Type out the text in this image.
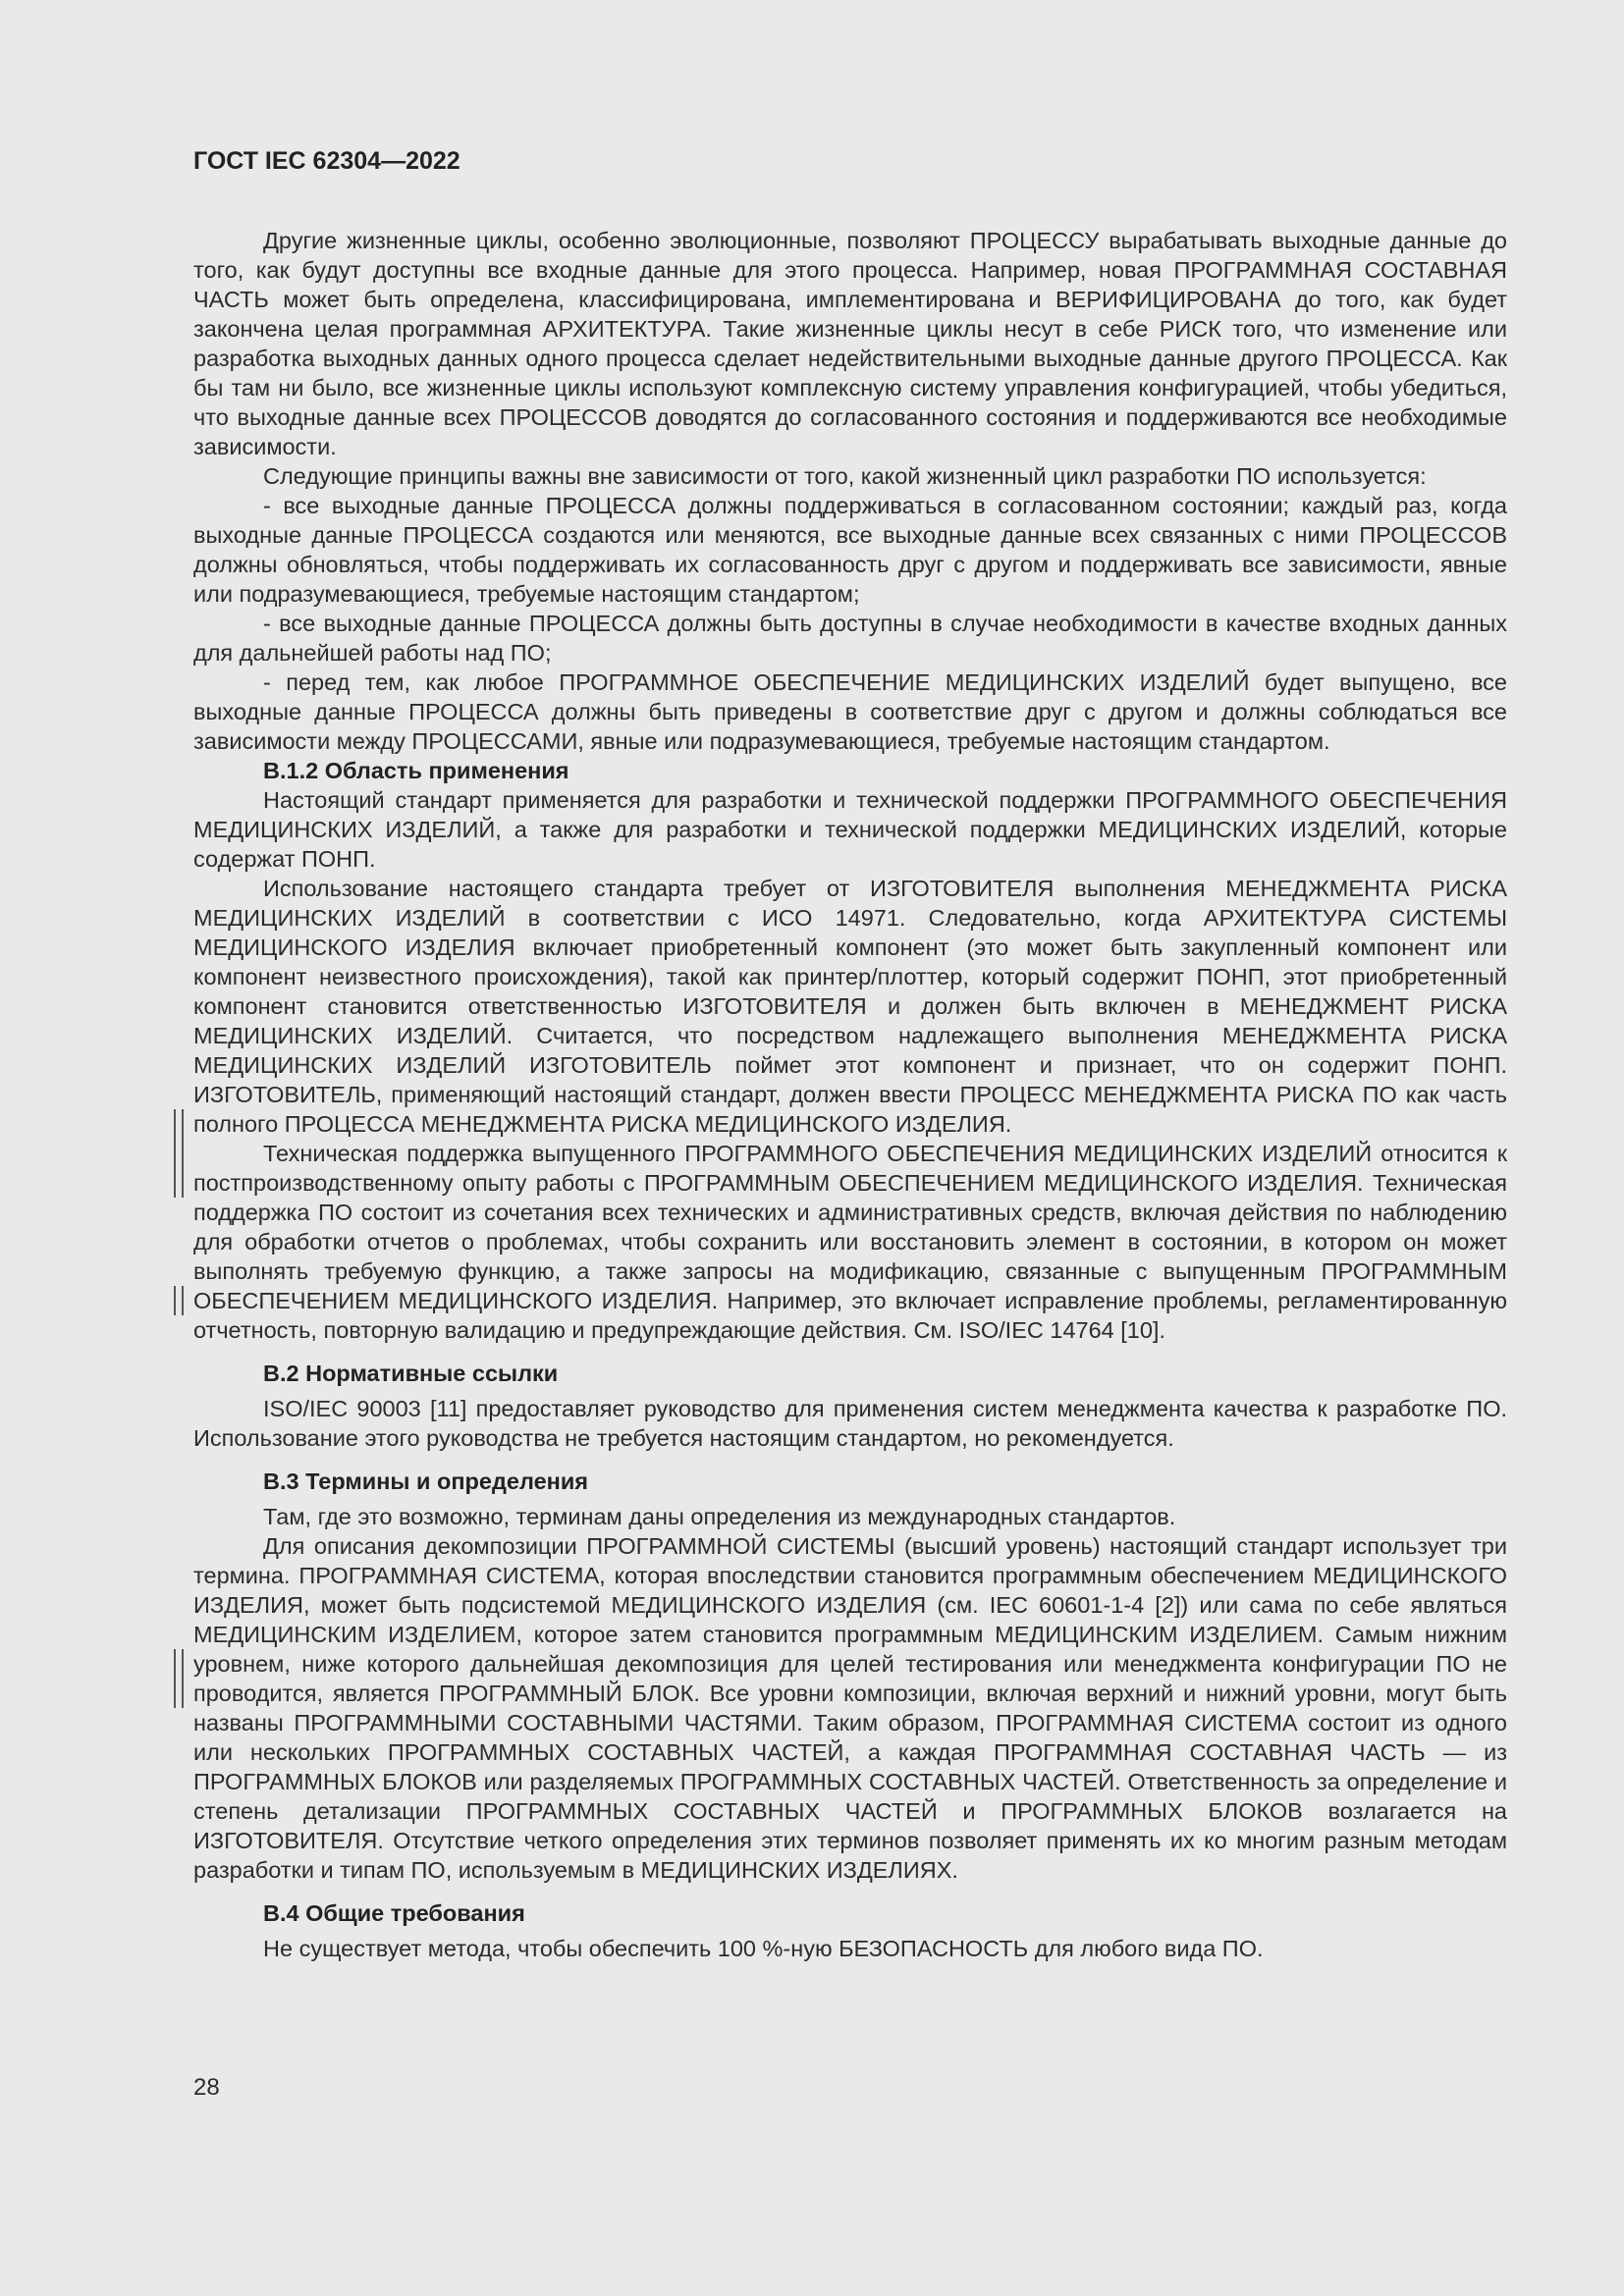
ГОСТ IEC 62304—2022

Другие жизненные циклы, особенно эволюционные, позволяют ПРОЦЕССУ вырабатывать выходные данные до того, как будут доступны все входные данные для этого процесса. Например, новая ПРОГРАММНАЯ СОСТАВНАЯ ЧАСТЬ может быть определена, классифицирована, имплементирована и ВЕРИФИЦИРОВАНА до того, как будет закончена целая программная АРХИТЕКТУРА. Такие жизненные циклы несут в себе РИСК того, что изменение или разработка выходных данных одного процесса сделает недействительными выходные данные другого ПРОЦЕССА. Как бы там ни было, все жизненные циклы используют комплексную систему управления конфигурацией, чтобы убедиться, что выходные данные всех ПРОЦЕССОВ доводятся до согласованного состояния и поддерживаются все необходимые зависимости.

Следующие принципы важны вне зависимости от того, какой жизненный цикл разработки ПО используется:

- все выходные данные ПРОЦЕССА должны поддерживаться в согласованном состоянии; каждый раз, когда выходные данные ПРОЦЕССА создаются или меняются, все выходные данные всех связанных с ними ПРОЦЕССОВ должны обновляться, чтобы поддерживать их согласованность друг с другом и поддерживать все зависимости, явные или подразумевающиеся, требуемые настоящим стандартом;

- все выходные данные ПРОЦЕССА должны быть доступны в случае необходимости в качестве входных данных для дальнейшей работы над ПО;

- перед тем, как любое ПРОГРАММНОЕ ОБЕСПЕЧЕНИЕ МЕДИЦИНСКИХ ИЗДЕЛИЙ будет выпущено, все выходные данные ПРОЦЕССА должны быть приведены в соответствие друг с другом и должны соблюдаться все зависимости между ПРОЦЕССАМИ, явные или подразумевающиеся, требуемые настоящим стандартом.

В.1.2 Область применения

Настоящий стандарт применяется для разработки и технической поддержки ПРОГРАММНОГО ОБЕСПЕЧЕНИЯ МЕДИЦИНСКИХ ИЗДЕЛИЙ, а также для разработки и технической поддержки МЕДИЦИНСКИХ ИЗДЕЛИЙ, которые содержат ПОНП.

Использование настоящего стандарта требует от ИЗГОТОВИТЕЛЯ выполнения МЕНЕДЖМЕНТА РИСКА МЕДИЦИНСКИХ ИЗДЕЛИЙ в соответствии с ИСО 14971. Следовательно, когда АРХИТЕКТУРА СИСТЕМЫ МЕДИЦИНСКОГО ИЗДЕЛИЯ включает приобретенный компонент (это может быть закупленный компонент или компонент неизвестного происхождения), такой как принтер/плоттер, который содержит ПОНП, этот приобретенный компонент становится ответственностью ИЗГОТОВИТЕЛЯ и должен быть включен в МЕНЕДЖМЕНТ РИСКА МЕДИЦИНСКИХ ИЗДЕЛИЙ. Считается, что посредством надлежащего выполнения МЕНЕДЖМЕНТА РИСКА МЕДИЦИНСКИХ ИЗДЕЛИЙ ИЗГОТОВИТЕЛЬ поймет этот компонент и признает, что он содержит ПОНП. ИЗГОТОВИТЕЛЬ, применяющий настоящий стандарт, должен ввести ПРОЦЕСС МЕНЕДЖМЕНТА РИСКА ПО как часть полного ПРОЦЕССА МЕНЕДЖМЕНТА РИСКА МЕДИЦИНСКОГО ИЗДЕЛИЯ.

Техническая поддержка выпущенного ПРОГРАММНОГО ОБЕСПЕЧЕНИЯ МЕДИЦИНСКИХ ИЗДЕЛИЙ относится к постпроизводственному опыту работы с ПРОГРАММНЫМ ОБЕСПЕЧЕНИЕМ МЕДИЦИНСКОГО ИЗДЕЛИЯ. Техническая поддержка ПО состоит из сочетания всех технических и административных средств, включая действия по наблюдению для обработки отчетов о проблемах, чтобы сохранить или восстановить элемент в состоянии, в котором он может выполнять требуемую функцию, а также запросы на модификацию, связанные с выпущенным ПРОГРАММНЫМ ОБЕСПЕЧЕНИЕМ МЕДИЦИНСКОГО ИЗДЕЛИЯ. Например, это включает исправление проблемы, регламентированную отчетность, повторную валидацию и предупреждающие действия. См. ISO/IEC 14764 [10].

В.2 Нормативные ссылки

ISO/IEC 90003 [11] предоставляет руководство для применения систем менеджмента качества к разработке ПО. Использование этого руководства не требуется настоящим стандартом, но рекомендуется.

В.3 Термины и определения

Там, где это возможно, терминам даны определения из международных стандартов.

Для описания декомпозиции ПРОГРАММНОЙ СИСТЕМЫ (высший уровень) настоящий стандарт использует три термина. ПРОГРАММНАЯ СИСТЕМА, которая впоследствии становится программным обеспечением МЕДИЦИНСКОГО ИЗДЕЛИЯ, может быть подсистемой МЕДИЦИНСКОГО ИЗДЕЛИЯ (см. IEC 60601-1-4 [2]) или сама по себе являться МЕДИЦИНСКИМ ИЗДЕЛИЕМ, которое затем становится программным МЕДИЦИНСКИМ ИЗДЕЛИЕМ. Самым нижним уровнем, ниже которого дальнейшая декомпозиция для целей тестирования или менеджмента конфигурации ПО не проводится, является ПРОГРАММНЫЙ БЛОК. Все уровни композиции, включая верхний и нижний уровни, могут быть названы ПРОГРАММНЫМИ СОСТАВНЫМИ ЧАСТЯМИ. Таким образом, ПРОГРАММНАЯ СИСТЕМА состоит из одного или нескольких ПРОГРАММНЫХ СОСТАВНЫХ ЧАСТЕЙ, а каждая ПРОГРАММНАЯ СОСТАВНАЯ ЧАСТЬ — из ПРОГРАММНЫХ БЛОКОВ или разделяемых ПРОГРАММНЫХ СОСТАВНЫХ ЧАСТЕЙ. Ответственность за определение и степень детализации ПРОГРАММНЫХ СОСТАВНЫХ ЧАСТЕЙ и ПРОГРАММНЫХ БЛОКОВ возлагается на ИЗГОТОВИТЕЛЯ. Отсутствие четкого определения этих терминов позволяет применять их ко многим разным методам разработки и типам ПО, используемым в МЕДИЦИНСКИХ ИЗДЕЛИЯХ.

В.4 Общие требования

Не существует метода, чтобы обеспечить 100 %-ную БЕЗОПАСНОСТЬ для любого вида ПО.

28
